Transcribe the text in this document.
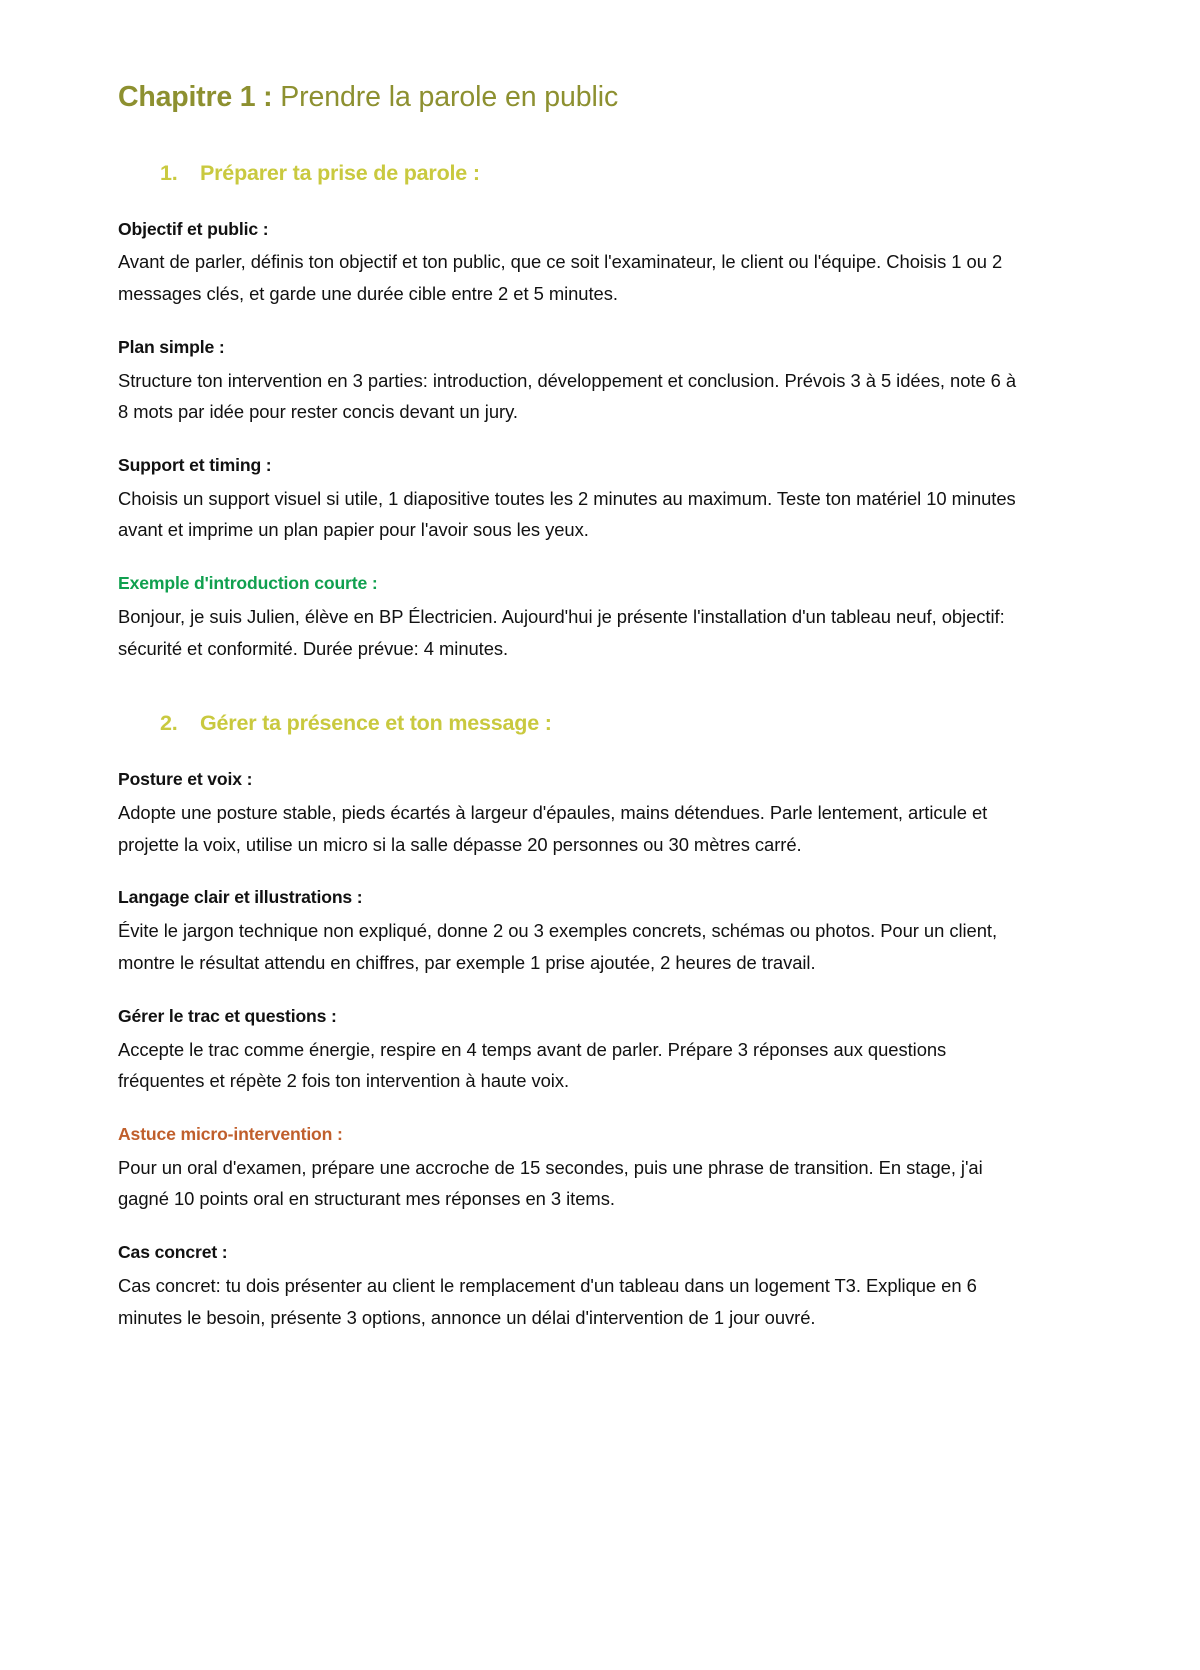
Chapitre 1 : Prendre la parole en public
1.	Préparer ta prise de parole :
Objectif et public :

Avant de parler, définis ton objectif et ton public, que ce soit l'examinateur, le client ou l'équipe. Choisis 1 ou 2 messages clés, et garde une durée cible entre 2 et 5 minutes.

Plan simple :

Structure ton intervention en 3 parties: introduction, développement et conclusion. Prévois 3 à 5 idées, note 6 à 8 mots par idée pour rester concis devant un jury.

Support et timing :

Choisis un support visuel si utile, 1 diapositive toutes les 2 minutes au maximum. Teste ton matériel 10 minutes avant et imprime un plan papier pour l'avoir sous les yeux.

Exemple d'introduction courte :

Bonjour, je suis Julien, élève en BP Électricien. Aujourd'hui je présente l'installation d'un tableau neuf, objectif: sécurité et conformité. Durée prévue: 4 minutes.

2.	Gérer ta présence et ton message :
Posture et voix :

Adopte une posture stable, pieds écartés à largeur d'épaules, mains détendues. Parle lentement, articule et projette la voix, utilise un micro si la salle dépasse 20 personnes ou 30 mètres carré.

Langage clair et illustrations :

Évite le jargon technique non expliqué, donne 2 ou 3 exemples concrets, schémas ou photos. Pour un client, montre le résultat attendu en chiffres, par exemple 1 prise ajoutée, 2 heures de travail.

Gérer le trac et questions :

Accepte le trac comme énergie, respire en 4 temps avant de parler. Prépare 3 réponses aux questions fréquentes et répète 2 fois ton intervention à haute voix.

Astuce micro-intervention :

Pour un oral d'examen, prépare une accroche de 15 secondes, puis une phrase de transition. En stage, j'ai gagné 10 points oral en structurant mes réponses en 3 items.

Cas concret :

Cas concret: tu dois présenter au client le remplacement d'un tableau dans un logement T3. Explique en 6 minutes le besoin, présente 3 options, annonce un délai d'intervention de 1 jour ouvré.
